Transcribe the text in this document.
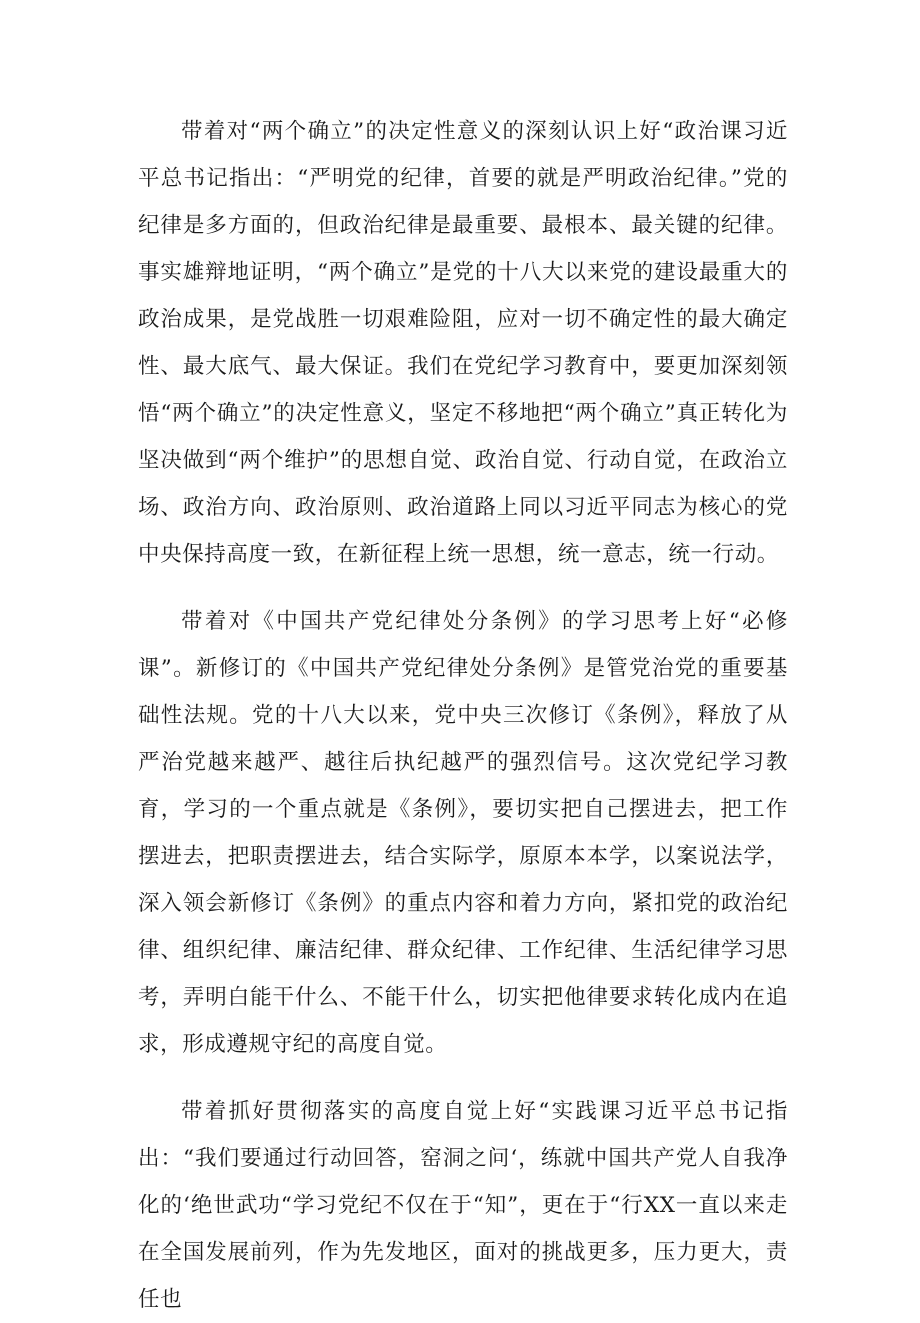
带着对“两个确立”的决定性意义的深刻认识上好“政治课习近平总书记指出：“严明党的纪律，首要的就是严明政治纪律。”党的纪律是多方面的，但政治纪律是最重要、最根本、最关键的纪律。事实雄辩地证明，“两个确立”是党的十八大以来党的建设最重大的政治成果，是党战胜一切艰难险阻，应对一切不确定性的最大确定性、最大底气、最大保证。我们在党纪学习教育中，要更加深刻领悟“两个确立”的决定性意义，坚定不移地把“两个确立”真正转化为坚决做到“两个维护”的思想自觉、政治自觉、行动自觉，在政治立场、政治方向、政治原则、政治道路上同以习近平同志为核心的党中央保持高度一致，在新征程上统一思想，统一意志，统一行动。

带着对《中国共产党纪律处分条例》的学习思考上好“必修课”。新修订的《中国共产党纪律处分条例》是管党治党的重要基础性法规。党的十八大以来，党中央三次修订《条例》，释放了从严治党越来越严、越往后执纪越严的强烈信号。这次党纪学习教育，学习的一个重点就是《条例》，要切实把自己摆进去，把工作摆进去，把职责摆进去，结合实际学，原原本本学，以案说法学，深入领会新修订《条例》的重点内容和着力方向，紧扣党的政治纪律、组织纪律、廉洁纪律、群众纪律、工作纪律、生活纪律学习思考，弄明白能干什么、不能干什么，切实把他律要求转化成内在追求，形成遵规守纪的高度自觉。

带着抓好贯彻落实的高度自觉上好“实践课习近平总书记指出：“我们要通过行动回答，窑洞之问‘，练就中国共产党人自我净化的‘绝世武功“学习党纪不仅在于“知”，更在于“行XX一直以来走在全国发展前列，作为先发地区，面对的挑战更多，压力更大，责任也
